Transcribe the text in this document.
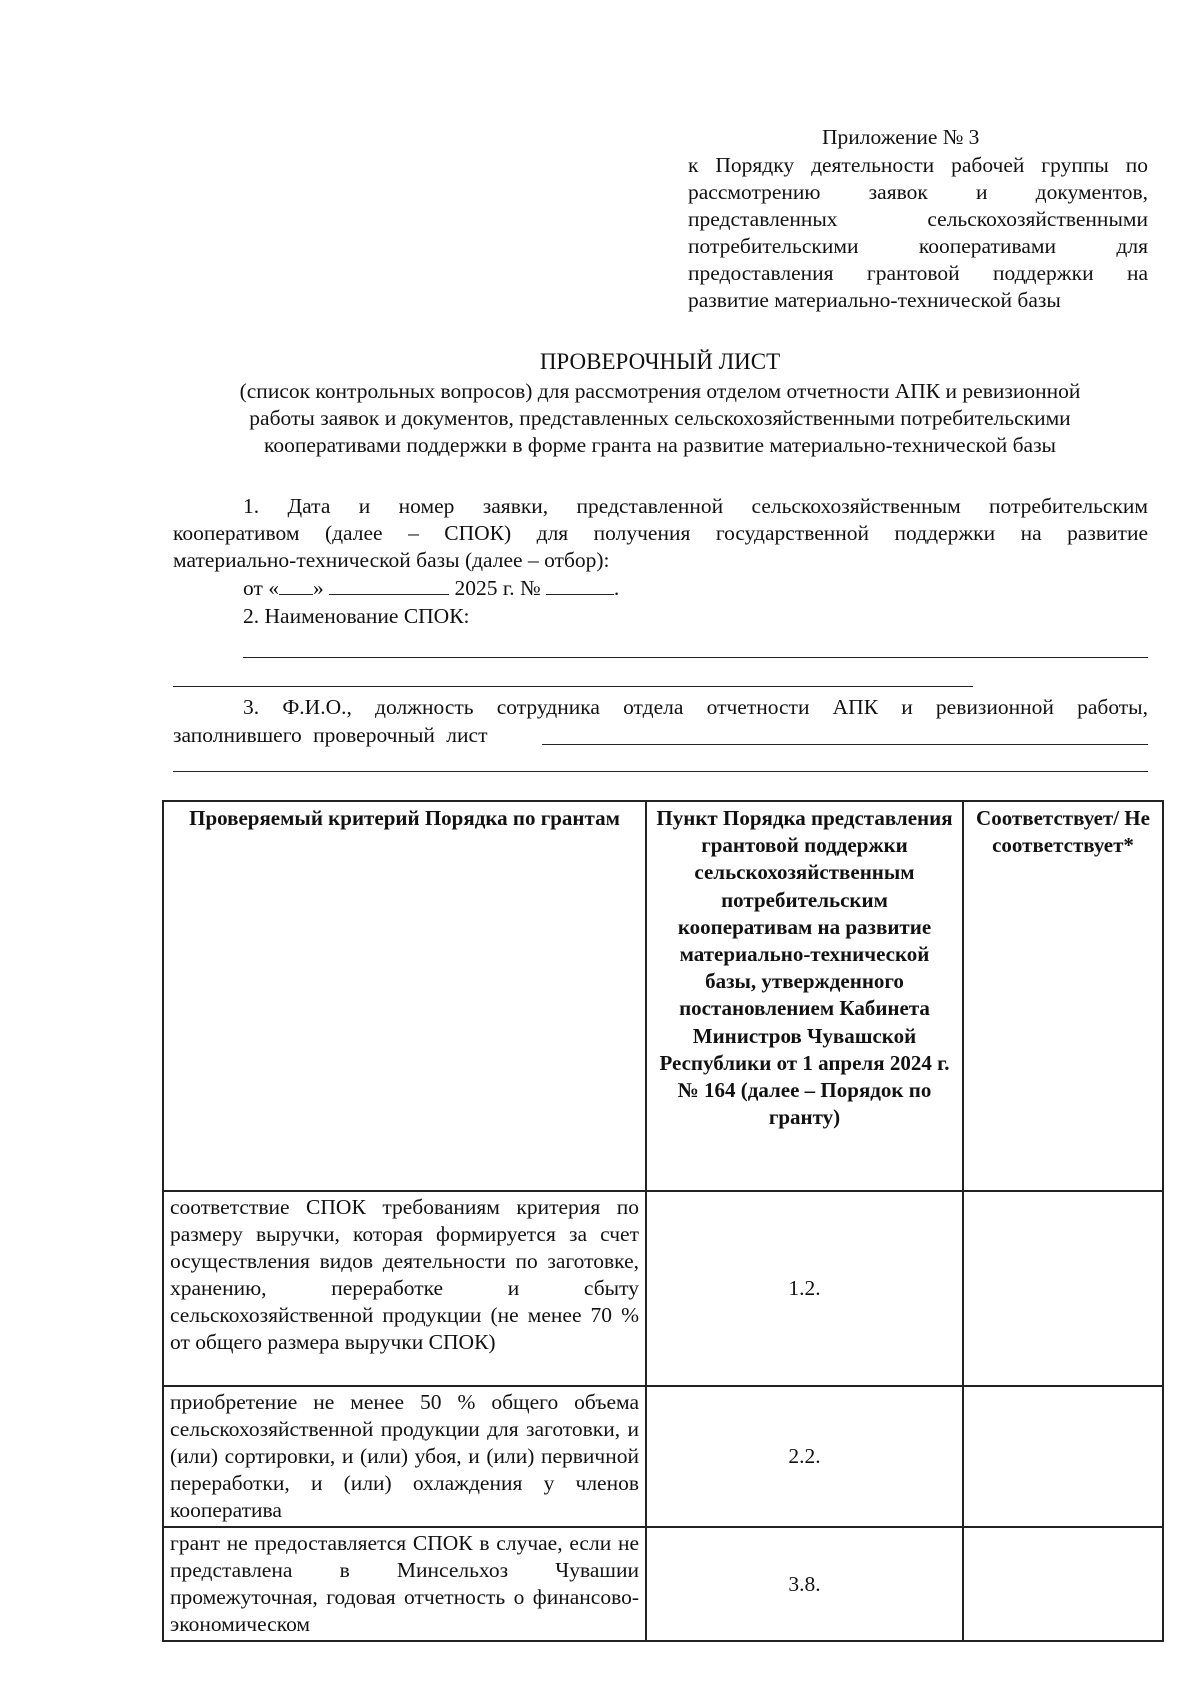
Приложение № 3
к Порядку деятельности рабочей группы по
рассмотрению заявок и документов,
представленных сельскохозяйственными
потребительскими кооперативами для
предоставления грантовой поддержки на
развитие материально-технической базы
ПРОВЕРОЧНЫЙ ЛИСТ
(список контрольных вопросов) для рассмотрения отделом отчетности АПК и ревизионной
работы заявок и документов, представленных сельскохозяйственными потребительскими
кооперативами поддержки в форме гранта на развитие материально-технической базы
1. Дата и номер заявки, представленной сельскохозяйственным потребительским
кооперативом (далее – СПОК) для получения государственной поддержки на развитие
материально-технической базы (далее – отбор):
от « »	2025 г. №	.
2. Наименование СПОК:
3. Ф.И.О., должность сотрудника отдела отчетности АПК и ревизионной работы,
заполнившего проверочный лист
Проверяемый критерий Порядка по грантам	Пункт Порядка представления грантовой поддержки сельскохозяйственным потребительским кооперативам на развитие материально-технической базы, утвержденного постановлением Кабинета Министров Чувашской Республики от 1 апреля 2024 г. № 164 (далее – Порядок по гранту)	Соответствует/ Не соответствует*

соответствие СПОК требованиям критерия по размеру выручки, которая формируется за счет осуществления видов деятельности по заготовке, хранению, переработке и сбыту сельскохозяйственной продукции (не менее 70 % от общего размера выручки СПОК)	1.2.	

приобретение не менее 50 % общего объема сельскохозяйственной продукции для заготовки, и (или) сортировки, и (или) убоя, и (или) первичной переработки, и (или) охлаждения у членов кооператива	2.2.	

грант не предоставляется СПОК в случае, если не представлена в Минсельхоз Чувашии промежуточная, годовая отчетность о финансово-экономическом	3.8.	
